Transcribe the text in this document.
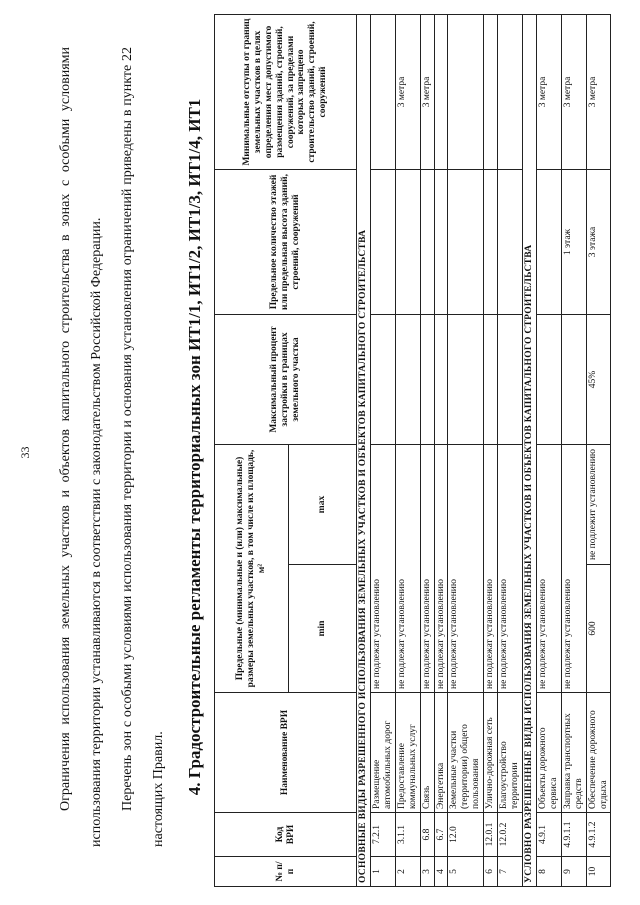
33	Ограничения использования земельных участков и объектов капитального строительства в зонах с особыми условиями использования территории устанавливаются в соответствии с законодательством Российской Федерации.	Перечень зон с особыми условиями использования территории и основания установления ограничений приведены в пункте 22 настоящих Правил.	4. Градостроительные регламенты территориальных зон ИТ1/1, ИТ1/2, ИТ1/3, ИТ1/4, ИТ1
№ п/п	Код ВРИ	Наименование ВРИ	Предельные (минимальные и (или) максимальные) размеры земельных участков, в том числе их площадь, м²		Максимальный процент застройки в границах земельного участка	Предельное количество этажей или предельная высота зданий, строений, сооружений	Минимальные отступы от границ земельных участков в целях определения мест допустимого размещения зданий, строений, сооружений, за пределами которых запрещено строительство зданий, строений, сооружений
			min	max			
ОСНОВНЫЕ ВИДЫ РАЗРЕШЕННОГО ИСПОЛЬЗОВАНИЯ ЗЕМЕЛЬНЫХ УЧАСТКОВ И ОБЪЕКТОВ КАПИТАЛЬНОГО СТРОИТЕЛЬСТВА							
1	7.2.1	Размещение автомобильных дорог	не подлежат установлению				
2	3.1.1	Предоставление коммунальных услуг	не подлежат установлению				3 метра
3	6.8	Связь	не подлежат установлению				3 метра
4	6.7	Энергетика	не подлежат установлению				
5	12.0	Земельные участки (территории) общего пользования	не подлежат установлению				
6	12.0.1	Улично-дорожная сеть	не подлежат установлению				
7	12.0.2	Благоустройство территории	не подлежат установлению				
УСЛОВНО РАЗРЕШЕННЫЕ ВИДЫ ИСПОЛЬЗОВАНИЯ ЗЕМЕЛЬНЫХ УЧАСТКОВ И ОБЪЕКТОВ КАПИТАЛЬНОГО СТРОИТЕЛЬСТВА							
8	4.9.1	Объекты дорожного сервиса	не подлежат установлению				3 метра
9	4.9.1.1	Заправка транспортных средств	не подлежат установлению			1 этаж	3 метра
10	4.9.1.2	Обеспечение дорожного отдыха	600	не подлежит установлению	45%	3 этажа	3 метра
